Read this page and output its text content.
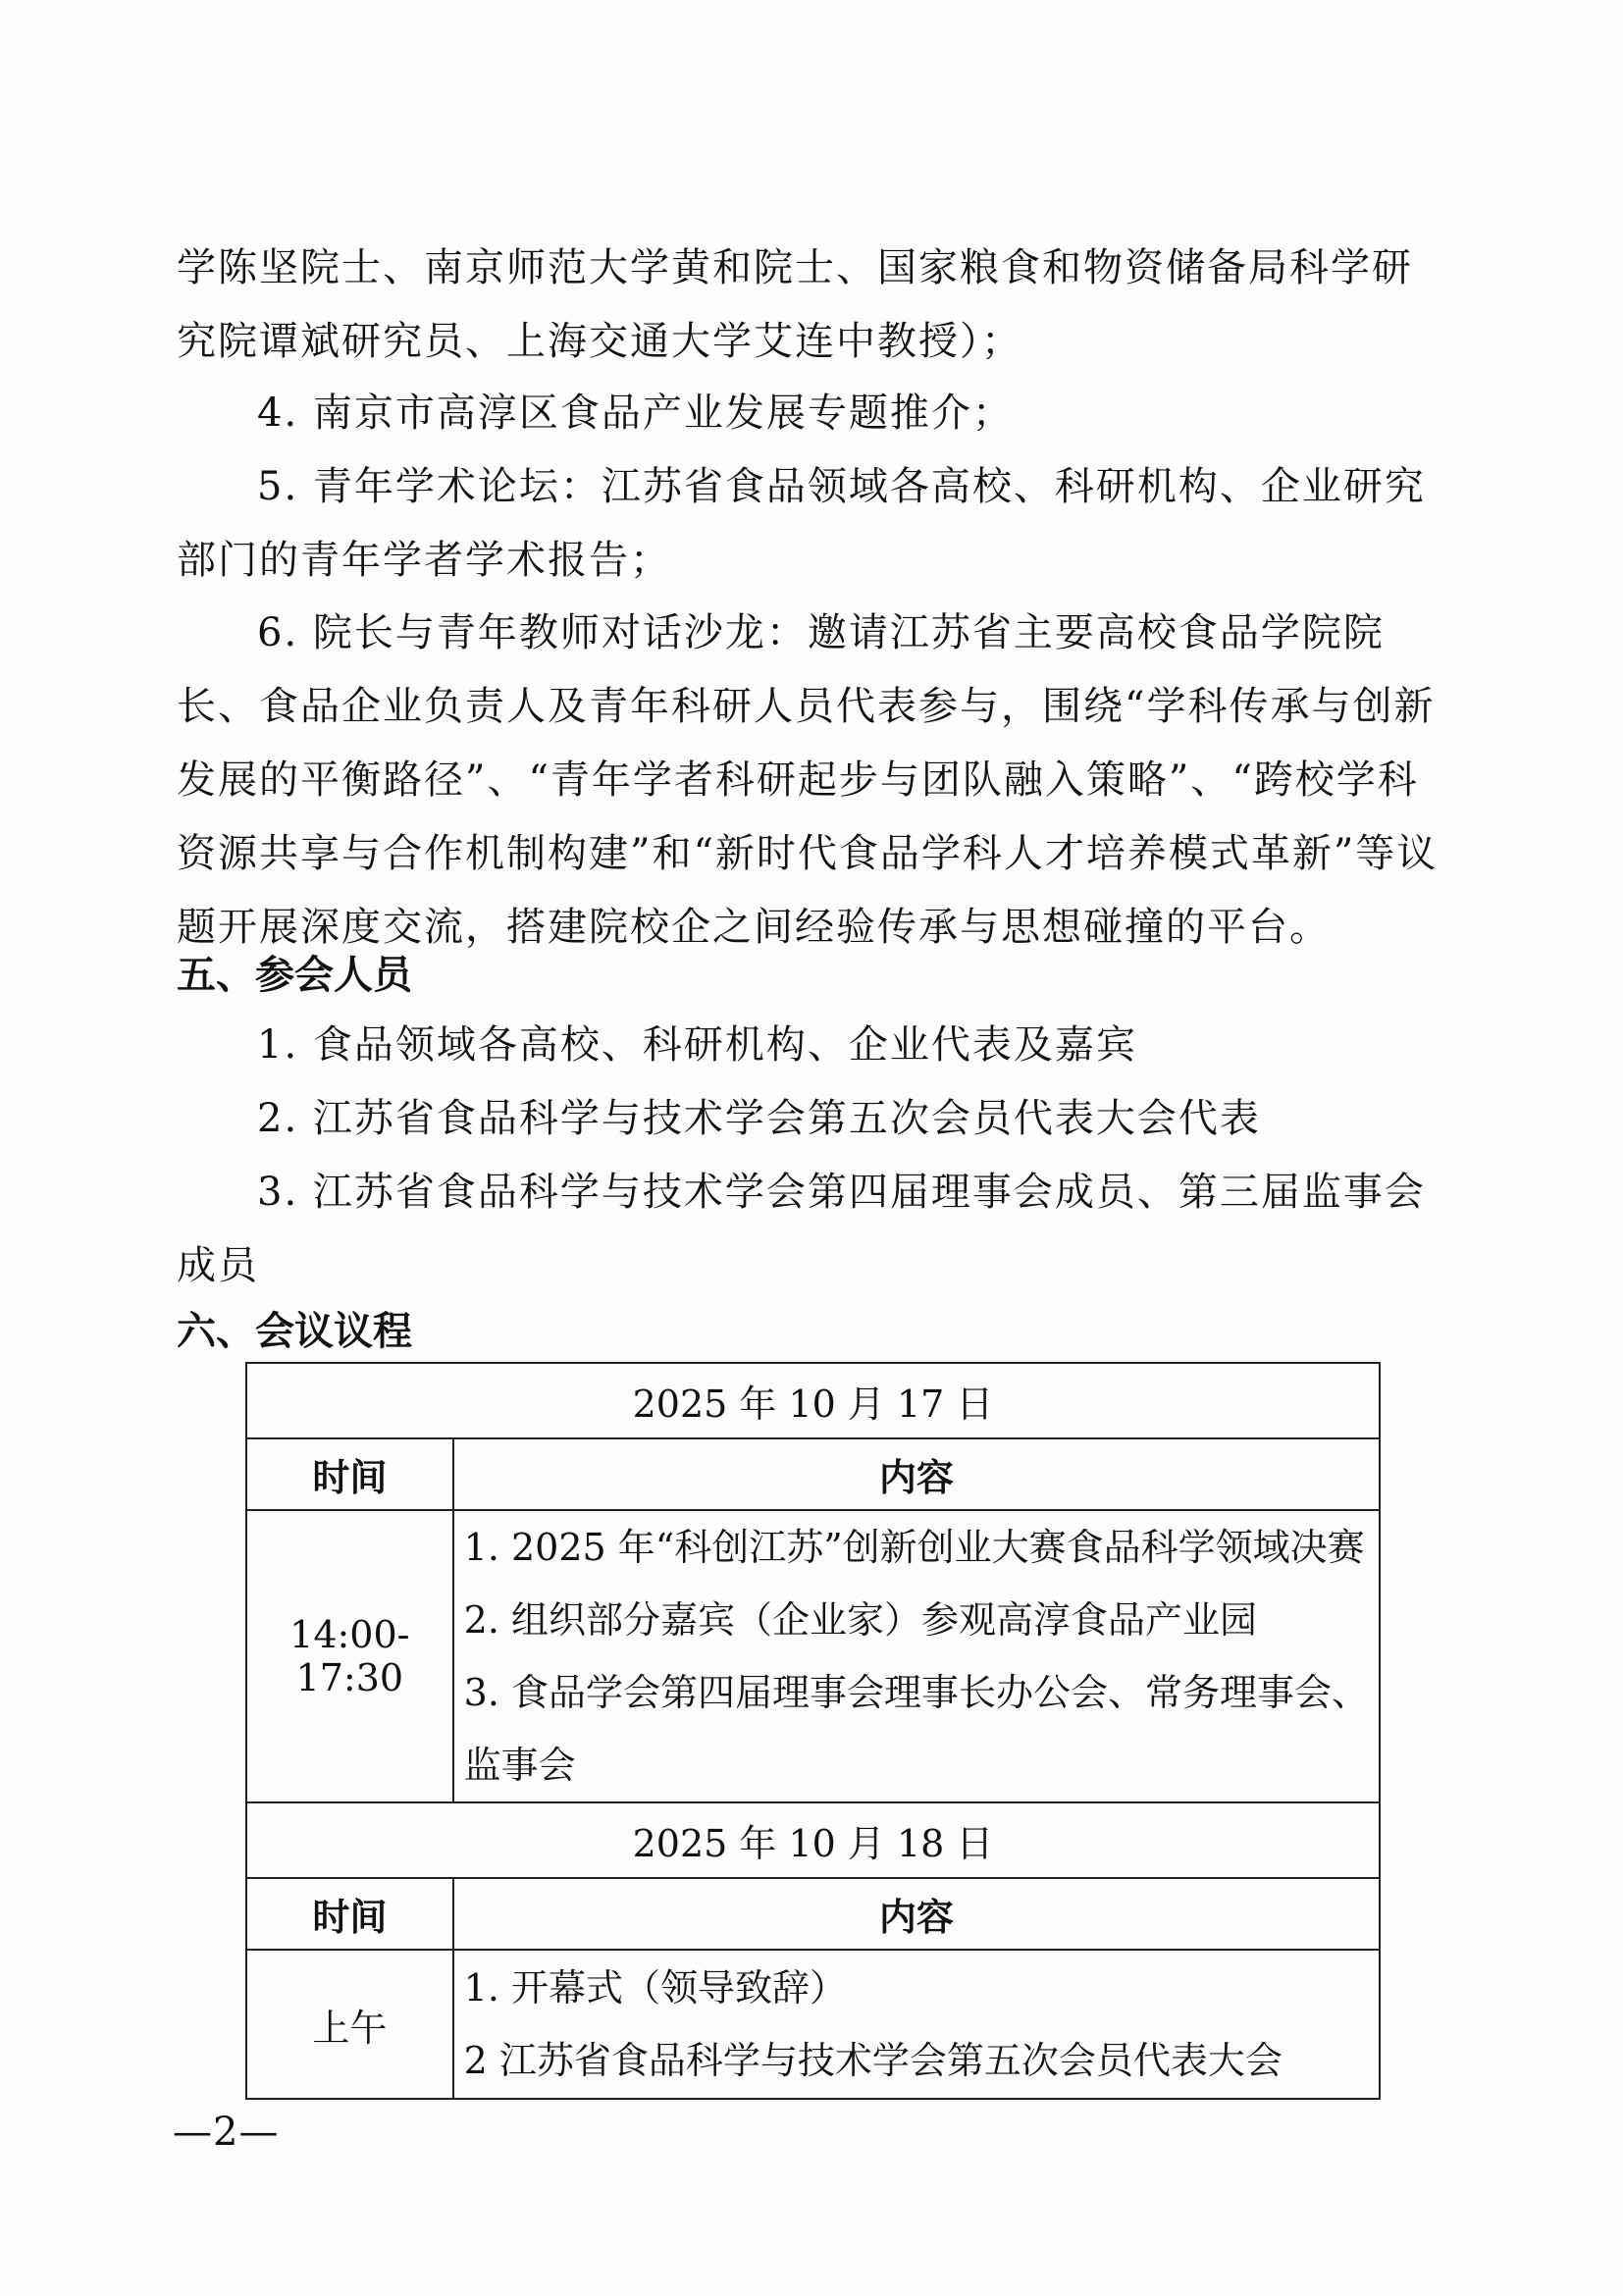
学陈坚院士、南京师范大学黄和院士、国家粮食和物资储备局科学研究院谭斌研究员、上海交通大学艾连中教授）；

4. 南京市高淳区食品产业发展专题推介；

5. 青年学术论坛：江苏省食品领域各高校、科研机构、企业研究部门的青年学者学术报告；

6. 院长与青年教师对话沙龙：邀请江苏省主要高校食品学院院长、食品企业负责人及青年科研人员代表参与，围绕“学科传承与创新发展的平衡路径”、“青年学者科研起步与团队融入策略”、“跨校学科资源共享与合作机制构建”和“新时代食品学科人才培养模式革新”等议题开展深度交流，搭建院校企之间经验传承与思想碰撞的平台。

五、参会人员

1. 食品领域各高校、科研机构、企业代表及嘉宾

2. 江苏省食品科学与技术学会第五次会员代表大会代表

3. 江苏省食品科学与技术学会第四届理事会成员、第三届监事会成员

六、会议议程
2025 年 10 月 17 日	
时间	内容
14:00-17:30	1. 2025 年“科创江苏”创新创业大赛食品科学领域决赛
2. 组织部分嘉宾（企业家）参观高淳食品产业园
3. 食品学会第四届理事会理事长办公会、常务理事会、
监事会

2025 年 10 月 18 日	
时间	内容
上午	1. 开幕式（领导致辞）
2 江苏省食品科学与技术学会第五次会员代表大会
—2—
